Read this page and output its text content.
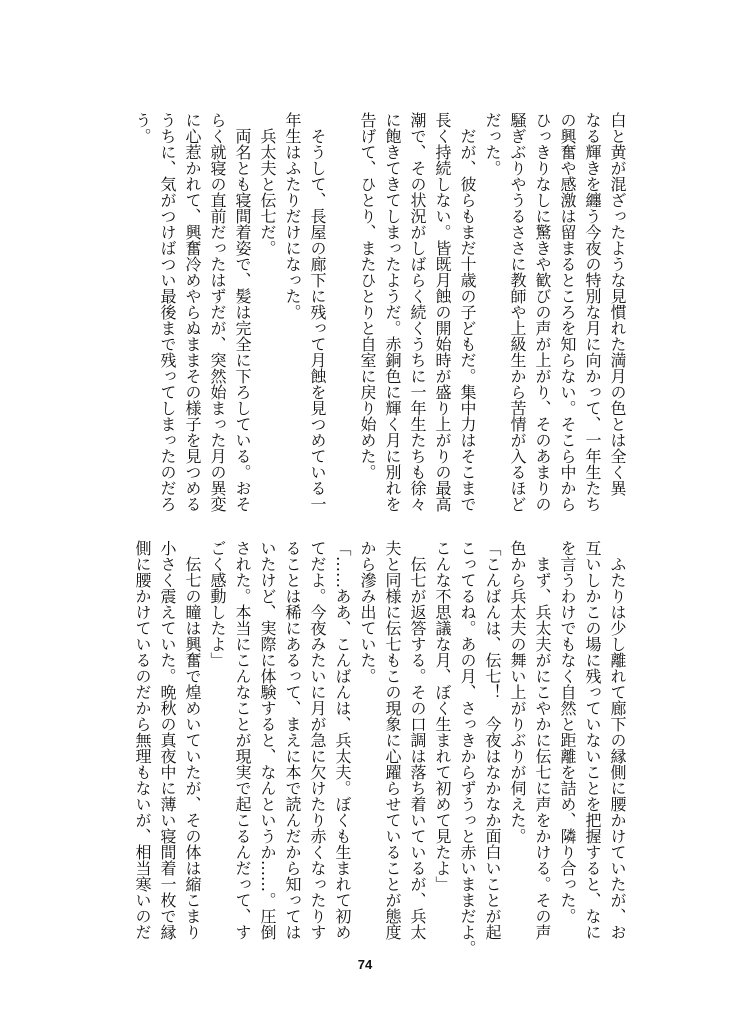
白と黄が混ざったような見慣れた満月の色とは全く異
なる輝きを纏う今夜の特別な月に向かって、一年生たち
の興奮や感激は留まるところを知らない。そこら中から
ひっきりなしに驚きや歓びの声が上がり、そのあまりの
騒ぎぶりやうるささに教師や上級生から苦情が入るほど
だった。
　だが、彼らもまだ十歳の子どもだ。集中力はそこまで
長く持続しない。皆既月蝕の開始時が盛り上がりの最高
潮で、その状況がしばらく続くうちに一年生たちも徐々
に飽きてきてしまったようだ。赤銅色に輝く月に別れを
告げて、ひとり、またひとりと自室に戻り始めた。

　そうして、長屋の廊下に残って月蝕を見つめている一
年生はふたりだけになった。
　兵太夫と伝七だ。
　両名とも寝間着姿で、髪は完全に下ろしている。おそ
らく就寝の直前だったはずだが、突然始まった月の異変
に心惹かれて、興奮冷めやらぬままその様子を見つめる
うちに、気がつけばつい最後まで残ってしまったのだろ
う。
　ふたりは少し離れて廊下の縁側に腰かけていたが、お
互いしかこの場に残っていないことを把握すると、なに
を言うわけでもなく自然と距離を詰め、隣り合った。
　まず、兵太夫がにこやかに伝七に声をかける。その声
色から兵太夫の舞い上がりぶりが伺えた。
「こんばんは、伝七！　今夜はなかなか面白いことが起
こってるね。あの月、さっきからずうっと赤いままだよ。
こんな不思議な月、ぼく生まれて初めて見たよ」
　伝七が返答する。その口調は落ち着いているが、兵太
夫と同様に伝七もこの現象に心躍らせていることが態度
から滲み出ていた。
「……ああ、こんばんは、兵太夫。ぼくも生まれて初め
てだよ。今夜みたいに月が急に欠けたり赤くなったりす
ることは稀にあるって、まえに本で読んだから知っては
いたけど、実際に体験すると、なんというか……。圧倒
された。本当にこんなことが現実で起こるんだって、す
ごく感動したよ」
　伝七の瞳は興奮で煌めいていたが、その体は縮こまり
小さく震えていた。晩秋の真夜中に薄い寝間着一枚で縁
側に腰かけているのだから無理もないが、相当寒いのだ
74
